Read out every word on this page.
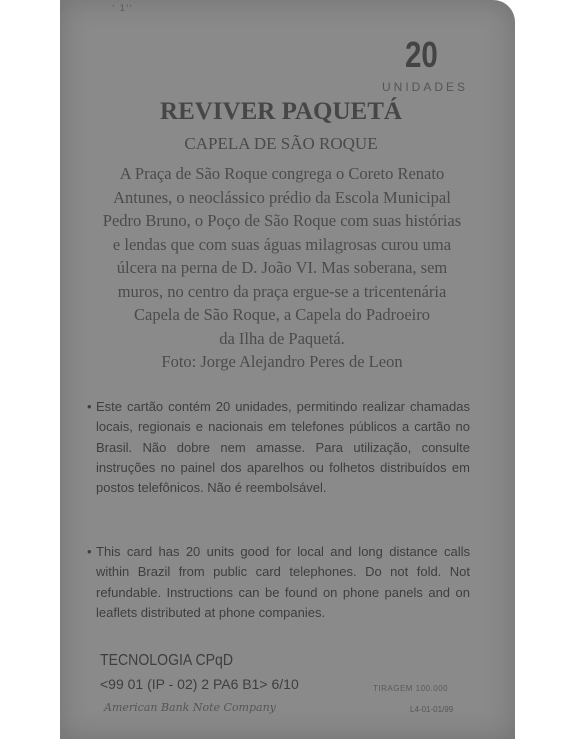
' 1''
20
UNIDADES
REVIVER PAQUETÁ
CAPELA DE SÃO ROQUE
A Praça de São Roque congrega o Coreto Renato
Antunes, o neoclássico prédio da Escola Municipal
Pedro Bruno, o Poço de São Roque com suas histórias
e lendas que com suas águas milagrosas curou uma
úlcera na perna de D. João VI. Mas soberana, sem
muros, no centro da praça ergue-se a tricentenária
Capela de São Roque, a Capela do Padroeiro
da Ilha de Paquetá.
Foto: Jorge Alejandro Peres de Leon
• Este cartão contém 20 unidades, permitindo realizar chamadas locais, regionais e nacionais em telefones públicos a cartão no Brasil. Não dobre nem amasse. Para utilização, consulte instruções no painel dos aparelhos ou folhetos distribuídos em postos telefônicos. Não é reembolsável.
• This card has 20 units good for local and long distance calls within Brazil from public card telephones. Do not fold. Not refundable. Instructions can be found on phone panels and on leaflets distributed at phone companies.
TECNOLOGIA CPqD
<99 01 (IP - 02) 2 PA6 B1> 6/10	TIRAGEM 100.000
American Bank Note Company	L4-01-01/99
